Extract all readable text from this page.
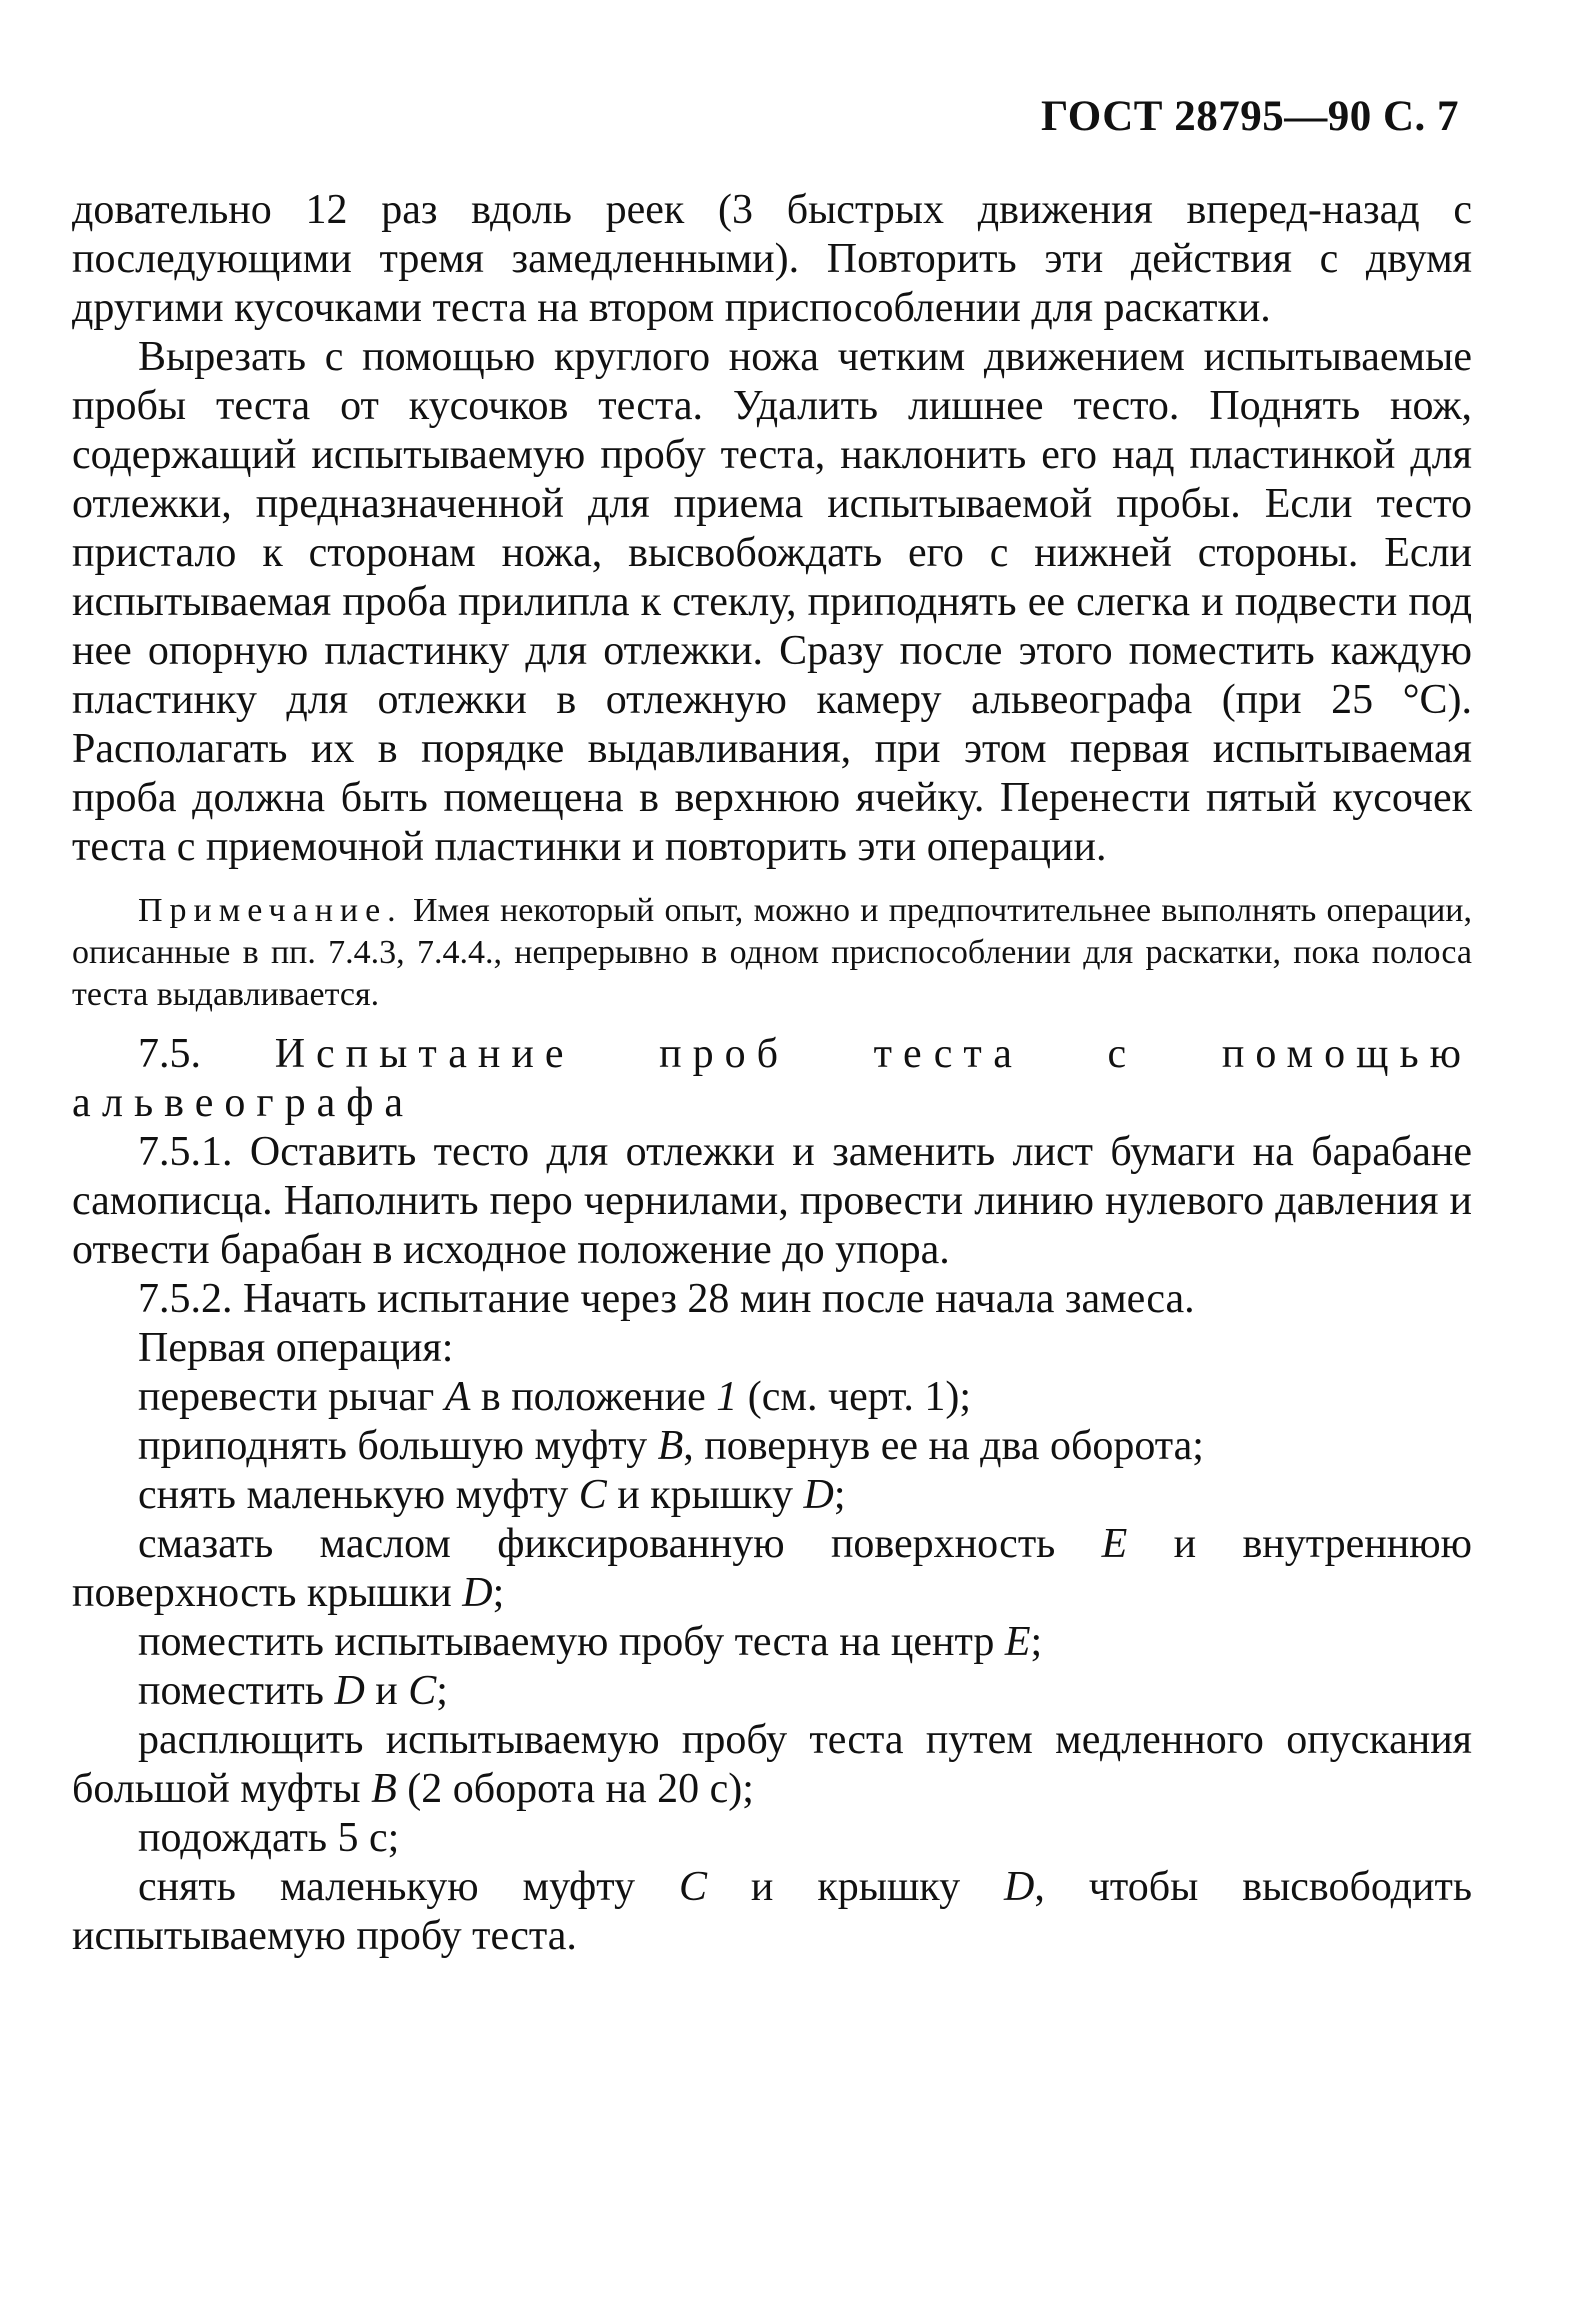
ГОСТ 28795—90 С. 7

довательно 12 раз вдоль реек (3 быстрых движения вперед-назад с последующими тремя замедленными). Повторить эти действия с двумя другими кусочками теста на втором приспособлении для раскатки.

Вырезать с помощью круглого ножа четким движением испытываемые пробы теста от кусочков теста. Удалить лишнее тесто. Поднять нож, содержащий испытываемую пробу теста, наклонить его над пластинкой для отлежки, предназначенной для приема испытываемой пробы. Если тесто пристало к сторонам ножа, высвобождать его с нижней стороны. Если испытываемая проба прилипла к стеклу, приподнять ее слегка и подвести под нее опорную пластинку для отлежки. Сразу после этого поместить каждую пластинку для отлежки в отлежную камеру альвеографа (при 25 °С). Располагать их в порядке выдавливания, при этом первая испытываемая проба должна быть помещена в верхнюю ячейку. Перенести пятый кусочек теста с приемочной пластинки и повторить эти операции.

Примечание. Имея некоторый опыт, можно и предпочтительнее выполнять операции, описанные в пп. 7.4.3, 7.4.4., непрерывно в одном приспособлении для раскатки, пока полоса теста выдавливается.

7.5. Испытание проб теста с помощью альвеографа

7.5.1. Оставить тесто для отлежки и заменить лист бумаги на барабане самописца. Наполнить перо чернилами, провести линию нулевого давления и отвести барабан в исходное положение до упора.

7.5.2. Начать испытание через 28 мин после начала замеса.

Первая операция:

перевести рычаг А в положение 1 (см. черт. 1);

приподнять большую муфту В, повернув ее на два оборота;

снять маленькую муфту С и крышку D;

смазать маслом фиксированную поверхность Е и внутреннюю поверхность крышки D;

поместить испытываемую пробу теста на центр Е;

поместить D и С;

расплющить испытываемую пробу теста путем медленного опускания большой муфты В (2 оборота на 20 с);

подождать 5 с;

снять маленькую муфту С и крышку D, чтобы высвободить испытываемую пробу теста.
